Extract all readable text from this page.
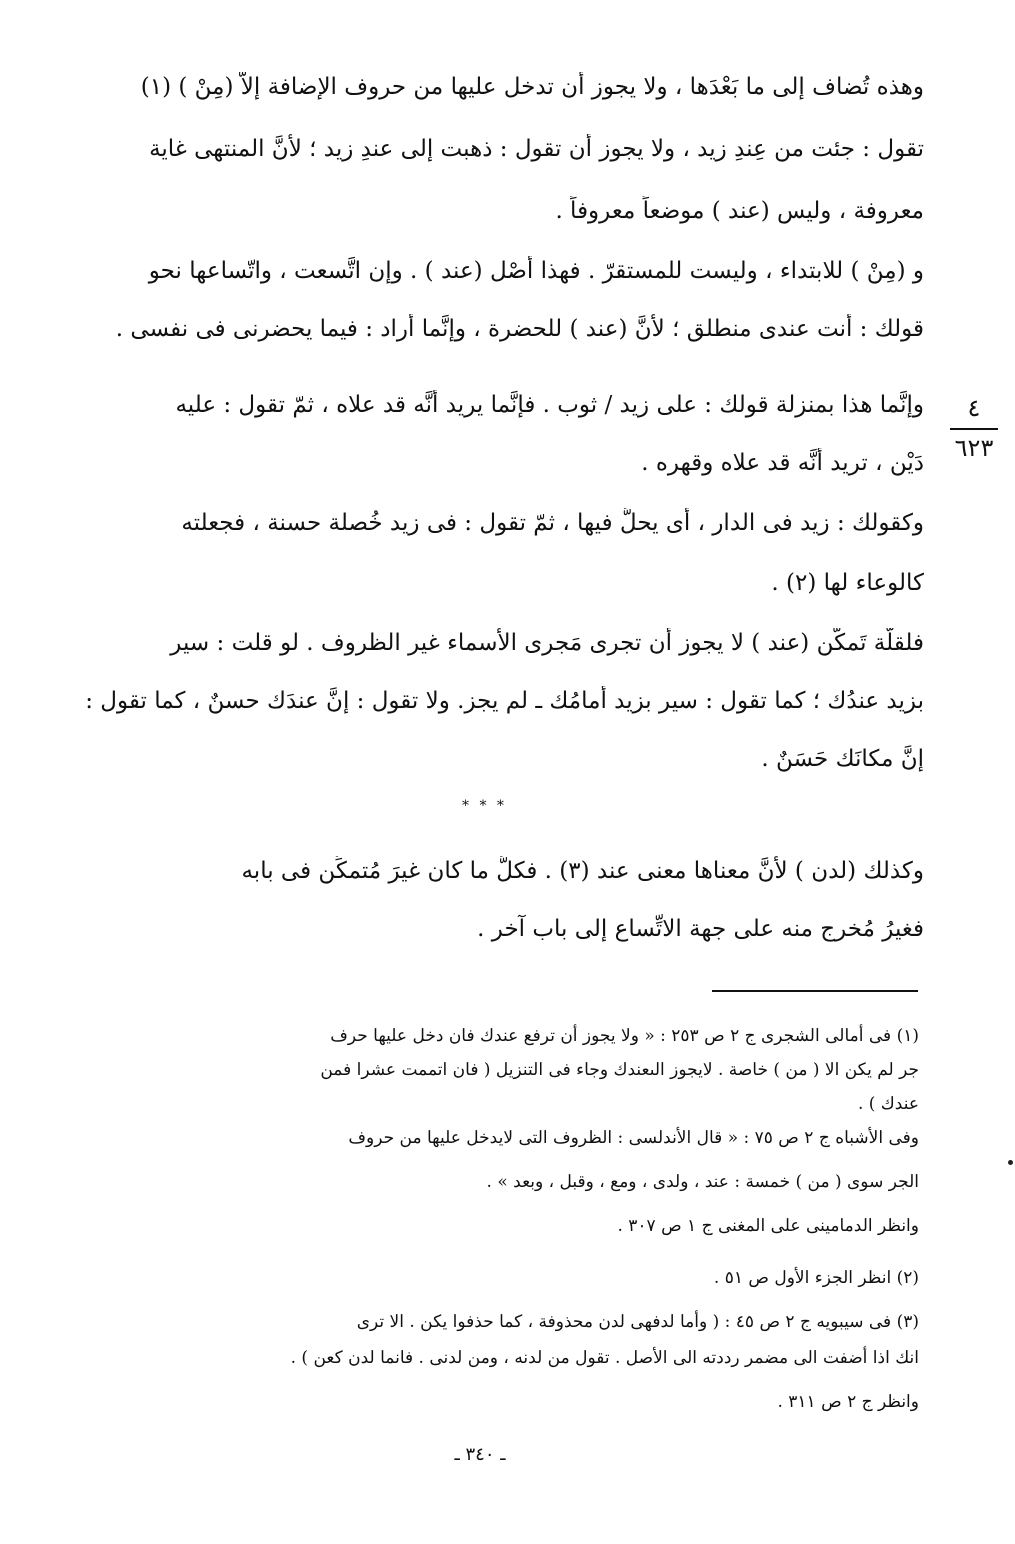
٤
٦٢٣
وهذه تُضاف إلى ما بَعْدَها ، ولا يجوز أن تدخل عليها من حروف الإضافة إلاّ (مِنْ ) (١)
تقول : جئت من عِندِ زيد ، ولا يجوز أن تقول : ذهبت إلى عندِ زيد ؛ لأنَّ المنتهى غاية
معروفة ، وليس (عند ) موضعاً معروفاً .
و (مِنْ ) للابتداء ، وليست للمستقرّ . فهذا أَصْل (عند ) . وإن اتَّسعت ، واتّساعها نحو
قولك : أنت عندى منطلق ؛ لأنَّ (عند ) للحضرة ، وإنَّما أراد : فيما يحضرنى فى نفسى .
وإنَّما هذا بمنزلة قولك : على زيد / ثوب . فإنَّما يريد أنَّه قد علاه ، ثمّ تقول : عليه
دَيْن ، تريد أنَّه قد علاه وقهره .
وكقولك : زيد فى الدار ، أى يحلُّ فيها ، ثمّ تقول : فى زيد خُصلة حسنة ، فجعلته
كالوعاء لها (٢) .
فلقلَّة تَمكُّن (عند ) لا يجوز أن تجرى مَجرى الأسماء غير الظروف . لو قلت : سير
بزيد عندُك ؛ كما تقول : سير بزيد أمامُك ـ لم يجز. ولا تقول : إنَّ عندَك حسنٌ ، كما تقول :
إنَّ مكانَك حَسَنٌ .
وكذلك (لدن ) لأنَّ معناها معنى عند (٣) . فكلُّ ما كان غيرَ مُتمكِّن فى بابه
فغيرُ مُخرج منه على جهة الاتِّساع إلى باب آخر .
* * *
(١) فى أمالى الشجرى ج ٢ ص ٢٥٣ : « ولا يجوز أن ترفع عندك فان دخل عليها حرف
جر لم يكن الا ( من ) خاصة . لايجوز الىعندك وجاء فى التنزيل ( فان اتممت عشرا فمن
عندك ) .
وفى الأشباه ج ٢ ص ٧٥ : « قال الأندلسى : الظروف التى لايدخل عليها من حروف
الجر سوى ( من ) خمسة : عند ، ولدى ، ومع ، وقبل ، وبعد » .
وانظر الدمامينى على المغنى ج ١ ص ٣٠٧ .
(٢) انظر الجزء الأول ص ٥١ .
(٣) فى سيبويه ج ٢ ص ٤٥ : ( وأما لدفهى لدن محذوفة ، كما حذفوا يكن . الا ترى
انك اذا أضفت الى مضمر رددته الى الأصل . تقول من لدنه ، ومن لدنى . فانما لدن كعن ) .
وانظر ج ٢ ص ٣١١ .
ـ ٣٤٠ ـ
